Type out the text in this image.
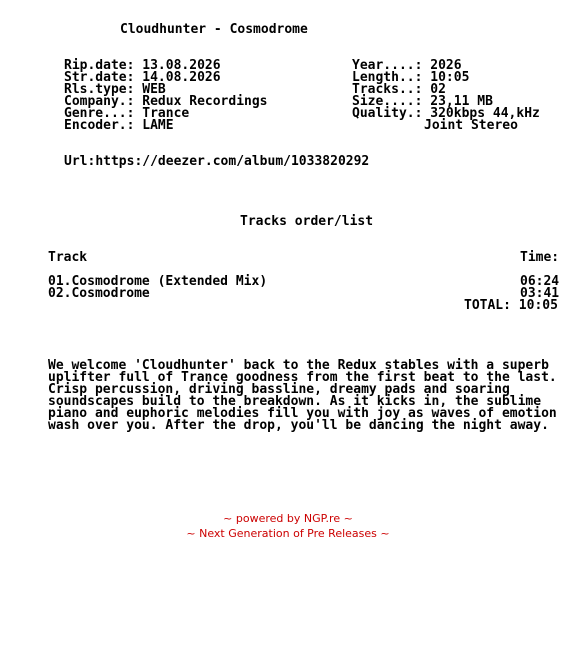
Cloudhunter - Cosmodrome

Rip.date: 13.08.2026

Str.date: 14.08.2026

Rls.type: WEB

Company.: Redux Recordings

Genre...: Trance

Encoder.: LAME

Year....: 2026

Length..: 10:05

Tracks..: 02

Size....: 23,11 MB

Quality.: 320kbps 44,kHz

Joint Stereo

Url:https://deezer.com/album/1033820292

Tracks order/list

Track

	Time:

01.Cosmodrome (Extended Mix)

	06:24

02.Cosmodrome

	03:41

TOTAL: 10:05

We welcome 'Cloudhunter' back to the Redux stables with a superb

uplifter full of Trance goodness from the first beat to the last.

Crisp percussion, driving bassline, dreamy pads and soaring

soundscapes build to the breakdown. As it kicks in, the sublime

piano and euphoric melodies fill you with joy as waves of emotion

wash over you. After the drop, you'll be dancing the night away.

~ powered by NGP.re ~

~ Next Generation of Pre Releases ~
